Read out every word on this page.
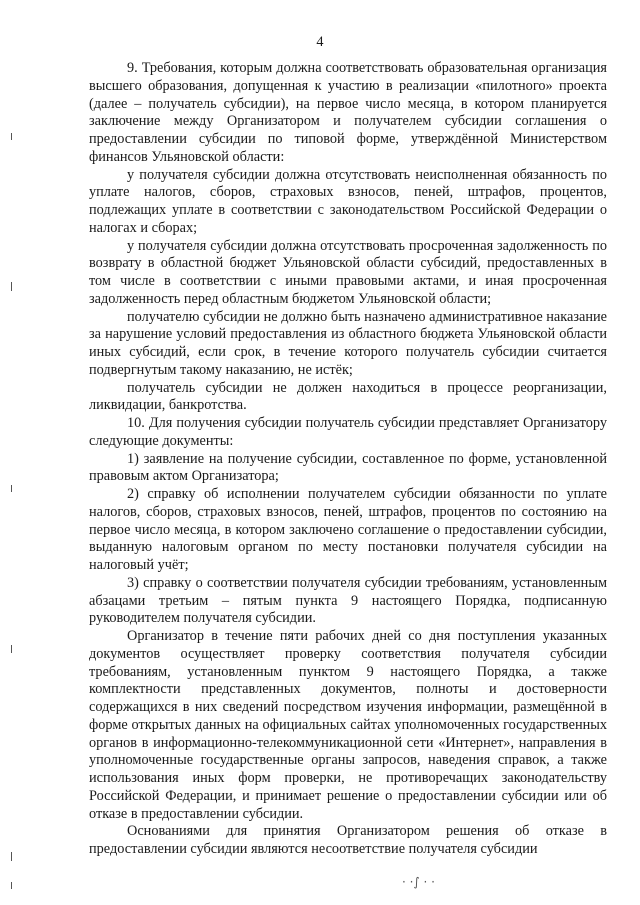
4

9. Требования, которым должна соответствовать образовательная организация высшего образования, допущенная к участию в реализации «пилотного» проекта (далее – получатель субсидии), на первое число месяца, в котором планируется заключение между Организатором и получателем субсидии соглашения о предоставлении субсидии по типовой форме, утверждённой Министерством финансов Ульяновской области:

у получателя субсидии должна отсутствовать неисполненная обязанность по уплате налогов, сборов, страховых взносов, пеней, штрафов, процентов, подлежащих уплате в соответствии с законодательством Российской Федерации о налогах и сборах;

у получателя субсидии должна отсутствовать просроченная задолженность по возврату в областной бюджет Ульяновской области субсидий, предоставленных в том числе в соответствии с иными правовыми актами, и иная просроченная задолженность перед областным бюджетом Ульяновской области;

получателю субсидии не должно быть назначено административное наказание за нарушение условий предоставления из областного бюджета Ульяновской области иных субсидий, если срок, в течение которого получатель субсидии считается подвергнутым такому наказанию, не истёк;

получатель субсидии не должен находиться в процессе реорганизации, ликвидации, банкротства.

10. Для получения субсидии получатель субсидии представляет Организатору следующие документы:

1) заявление на получение субсидии, составленное по форме, установленной правовым актом Организатора;

2) справку об исполнении получателем субсидии обязанности по уплате налогов, сборов, страховых взносов, пеней, штрафов, процентов по состоянию на первое число месяца, в котором заключено соглашение о предоставлении субсидии, выданную налоговым органом по месту постановки получателя субсидии на налоговый учёт;

3) справку о соответствии получателя субсидии требованиям, установленным абзацами третьим – пятым пункта 9 настоящего Порядка, подписанную руководителем получателя субсидии.

Организатор в течение пяти рабочих дней со дня поступления указанных документов осуществляет проверку соответствия получателя субсидии требованиям, установленным пунктом 9 настоящего Порядка, а также комплектности представленных документов, полноты и достоверности содержащихся в них сведений посредством изучения информации, размещённой в форме открытых данных на официальных сайтах уполномоченных государственных органов в информационно-телекоммуникационной сети «Интернет», направления в уполномоченные государственные органы запросов, наведения справок, а также использования иных форм проверки, не противоречащих законодательству Российской Федерации, и принимает решение о предоставлении субсидии или об отказе в предоставлении субсидии.

Основаниями для принятия Организатором решения об отказе в предоставлении субсидии являются несоответствие получателя субсидии

· ·∫ · ·
